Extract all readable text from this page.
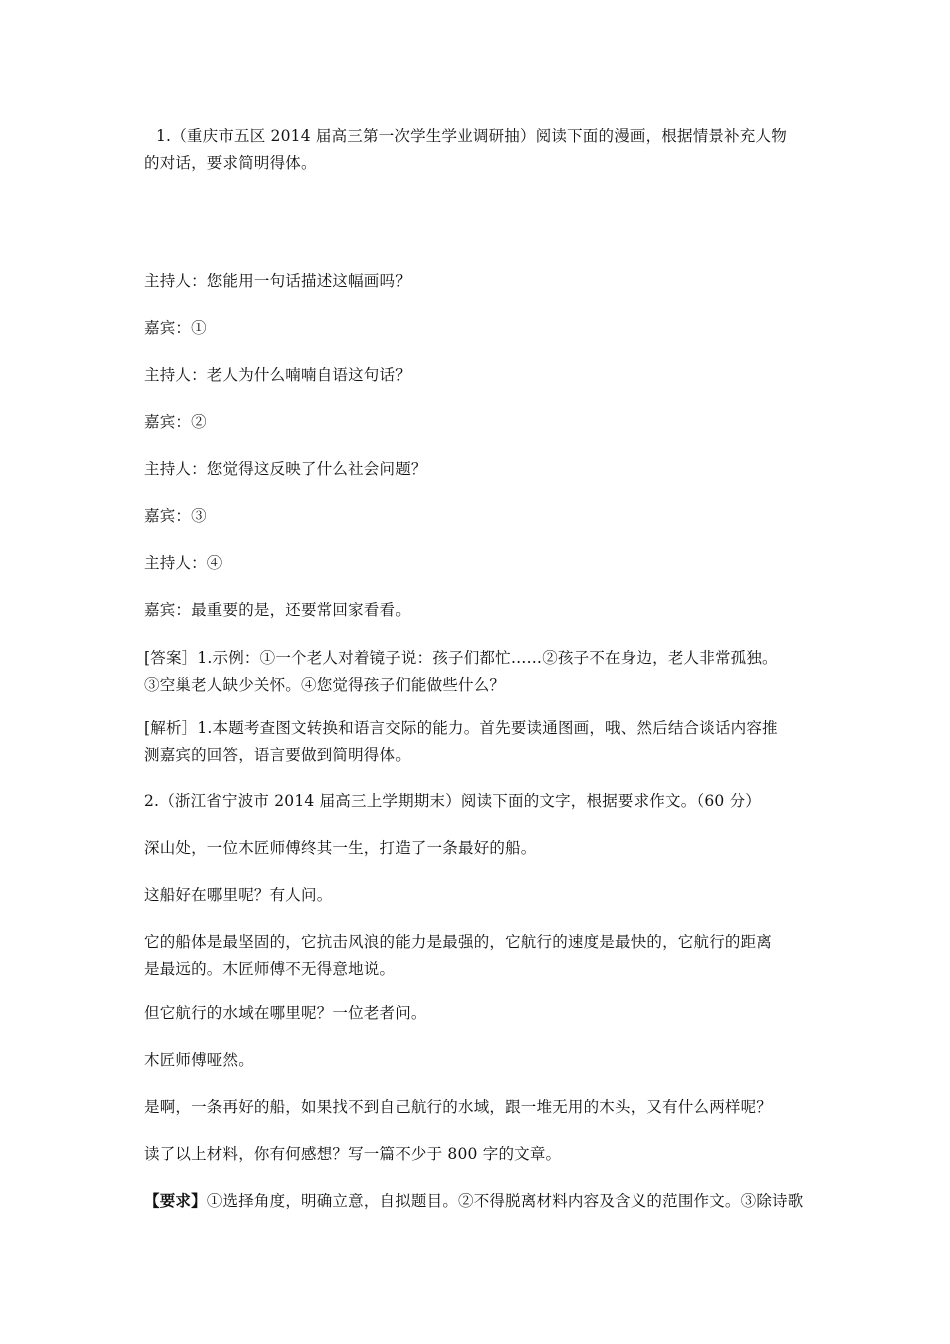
1.（重庆市五区 2014 届高三第一次学生学业调研抽）阅读下面的漫画，根据情景补充人物
的对话，要求简明得体。
主持人：您能用一句话描述这幅画吗？
嘉宾：①
主持人：老人为什么喃喃自语这句话？
嘉宾：②
主持人：您觉得这反映了什么社会问题？
嘉宾：③
主持人：④
嘉宾：最重要的是，还要常回家看看。
[答案］1.示例：①一个老人对着镜子说：孩子们都忙……②孩子不在身边，老人非常孤独。
③空巢老人缺少关怀。④您觉得孩子们能做些什么？
[解析］1.本题考查图文转换和语言交际的能力。首先要读通图画，哦、然后结合谈话内容推
测嘉宾的回答，语言要做到简明得体。
2.（浙江省宁波市 2014 届高三上学期期末）阅读下面的文字，根据要求作文。（60 分）
深山处，一位木匠师傅终其一生，打造了一条最好的船。
这船好在哪里呢？有人问。
它的船体是最坚固的，它抗击风浪的能力是最强的，它航行的速度是最快的，它航行的距离
是最远的。木匠师傅不无得意地说。
但它航行的水域在哪里呢？一位老者问。
木匠师傅哑然。
是啊，一条再好的船，如果找不到自己航行的水域，跟一堆无用的木头，又有什么两样呢？
读了以上材料，你有何感想？写一篇不少于 800 字的文章。
【要求】①选择角度，明确立意，自拟题目。②不得脱离材料内容及含义的范围作文。③除诗歌
